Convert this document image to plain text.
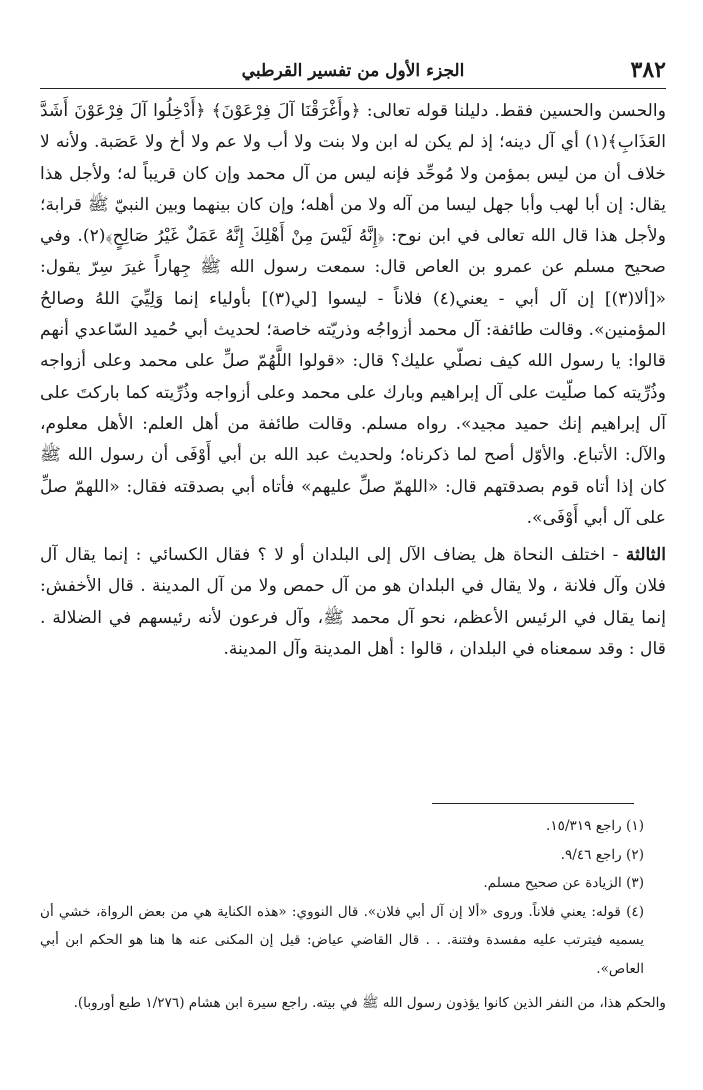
٣٨٢
الجزء الأول من تفسير القرطبي

والحسن والحسين فقط. دليلنا قوله تعالى: ﴿وأَغْرَقْنَا آلَ فِرْعَوْنَ﴾ ﴿أَدْخِلُوا آلَ فِرْعَوْنَ أَشَدَّ العَذَابِ﴾(١) أي آل دينه؛ إذ لم يكن له ابن ولا بنت ولا أب ولا عم ولا أخ ولا عَصَبة. ولأنه لا خلاف أن من ليس بمؤمن ولا مُوحِّد فإنه ليس من آل محمد وإن كان قريباً له؛ ولأجل هذا يقال: إن أبا لهب وأبا جهل ليسا من آله ولا من أهله؛ وإن كان بينهما وبين النبيّ ﷺ قرابة؛ ولأجل هذا قال الله تعالى في ابن نوح: ﴿إِنَّهُ لَيْسَ مِنْ أَهْلِكَ إِنَّهُ عَمَلٌ غَيْرُ صَالِحٍ﴾(٢). وفي صحيح مسلم عن عمرو بن العاص قال: سمعت رسول الله ﷺ جِهاراً غيرَ سِرّ يقول: «[ألا(٣)] إن آل أبي - يعني(٤) فلاناً - ليسوا [لي(٣)] بأولياء إنما وَلِيِّيَ اللهُ وصالحُ المؤمنين». وقالت طائفة: آل محمد أزواجُه وذريّته خاصة؛ لحديث أبي حُميد السّاعدي أنهم قالوا: يا رسول الله كيف نصلّي عليك؟ قال: «قولوا اللَّهُمّ صلِّ على محمد وعلى أزواجه وذُرِّيته كما صلّيت على آل إبراهيم وبارك على محمد وعلى أزواجه وذُرِّيته كما باركتَ على آل إبراهيم إنك حميد مجيد». رواه مسلم. وقالت طائفة من أهل العلم: الأهل معلوم، والآل: الأتباع. والأوّل أصح لما ذكرناه؛ ولحديث عبد الله بن أبي أَوْفَى أن رسول الله ﷺ كان إذا أتاه قوم بصدقتهم قال: «اللهمّ صلِّ عليهم» فأتاه أبي بصدقته فقال: «اللهمّ صلِّ على آل أبي أَوْفَى».

الثالثة - اختلف النحاة هل يضاف الآل إلى البلدان أو لا ؟ فقال الكسائي : إنما يقال آل فلان وآل فلانة ، ولا يقال في البلدان هو من آل حمص ولا من آل المدينة . قال الأخفش: إنما يقال في الرئيس الأعظم، نحو آل محمد ﷺ، وآل فرعون لأنه رئيسهم في الضلالة . قال : وقد سمعناه في البلدان ، قالوا : أهل المدينة وآل المدينة.

(١) راجع ١٥/٣١٩.

(٢) راجع ٩/٤٦.

(٣) الزيادة عن صحيح مسلم.

(٤) قوله: يعني فلاناً. وروى «ألا إن آل أبي فلان». قال النووي: «هذه الكناية هي من بعض الرواة، خشي أن يسميه فيترتب عليه مفسدة وفتنة. . . قال القاضي عياض: قيل إن المكنى عنه ها هنا هو الحكم ابن أبي العاص».

والحكم هذا، من النفر الذين كانوا يؤذون رسول الله ﷺ في بيته. راجع سيرة ابن هشام (١/٢٧٦ طبع أوروبا).
